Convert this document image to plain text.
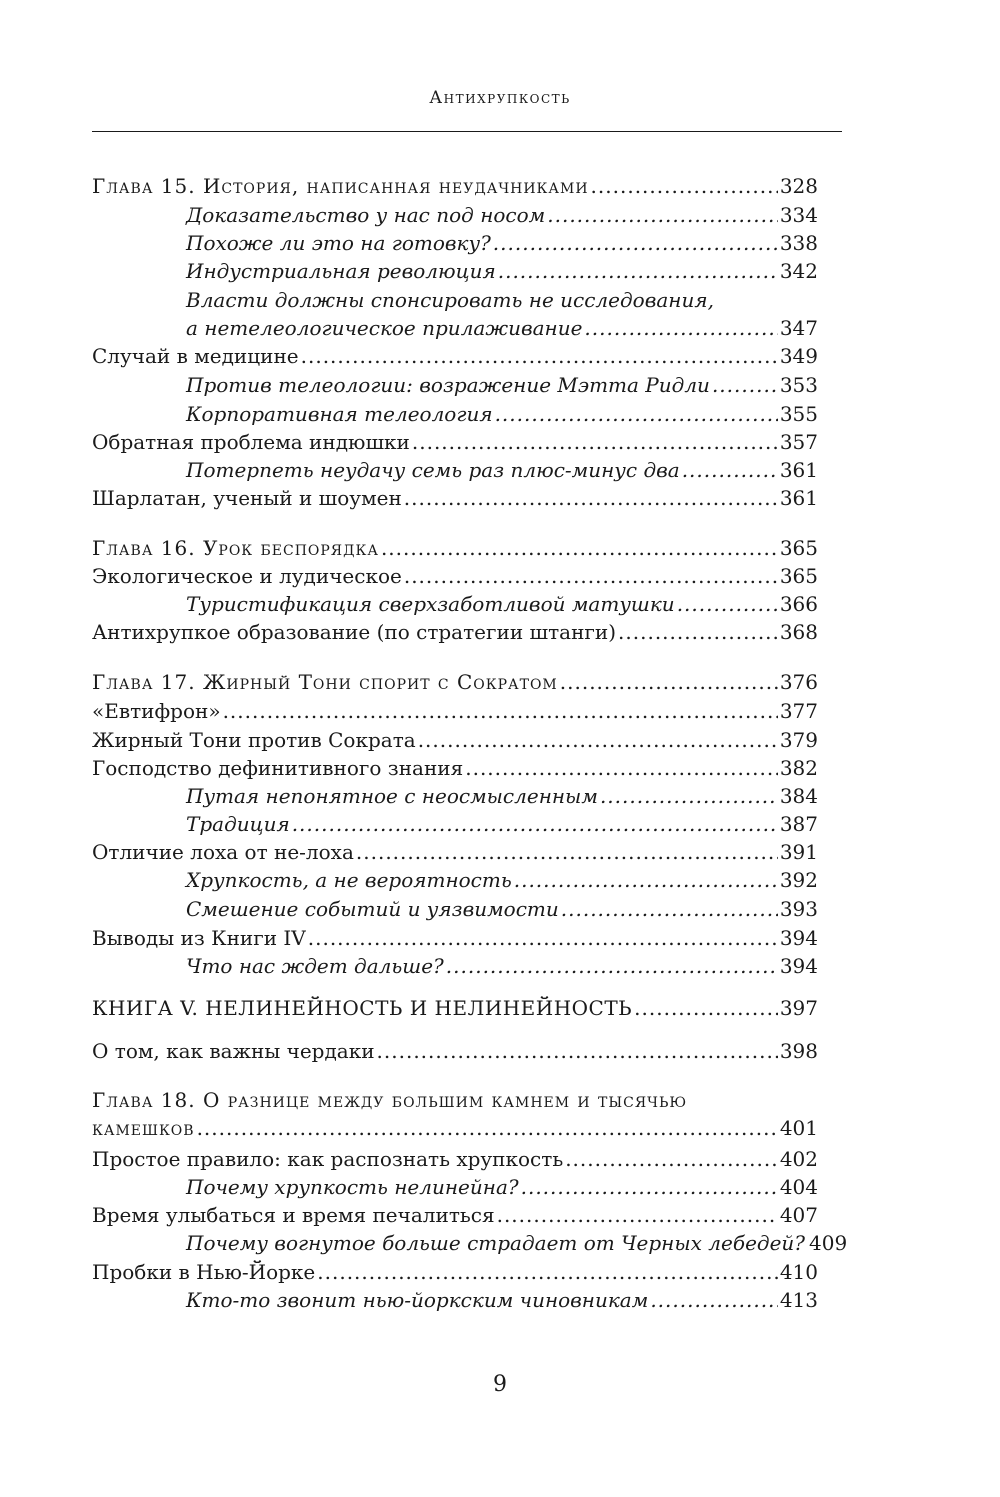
Антихрупкость
Глава 15. История, написанная неудачниками .....	328
Доказательство у нас под носом .....	334
Похоже ли это на готовку? .....	338
Индустриальная революция .....	342
Власти должны спонсировать не исследования,
а нетелеологическое прилаживание .....	347
Случай в медицине .....	349
Против телеологии: возражение Мэтта Ридли .....	353
Корпоративная телеология .....	355
Обратная проблема индюшки .....	357
Потерпеть неудачу семь раз плюс-минус два .....	361
Шарлатан, ученый и шоумен .....	361
Глава 16. Урок беспорядка .....	365
Экологическое и лудическое .....	365
Туристификация сверхзаботливой матушки .....	366
Антихрупкое образование (по стратегии штанги) .....	368
Глава 17. Жирный Тони спорит с Сократом .....	376
«Евтифрон» .....	377
Жирный Тони против Сократа .....	379
Господство дефинитивного знания .....	382
Путая непонятное с неосмысленным .....	384
Традиция .....	387
Отличие лоха от не-лоха .....	391
Хрупкость, а не вероятность .....	392
Смешение событий и уязвимости .....	393
Выводы из Книги IV .....	394
Что нас ждет дальше? .....	394
КНИГА V. НЕЛИНЕЙНОСТЬ И НЕЛИНЕЙНОСТЬ .....	397
О том, как важны чердаки .....	398
Глава 18. О разнице между большим камнем и тысячью
камешков .....	401
Простое правило: как распознать хрупкость .....	402
Почему хрупкость нелинейна? .....	404
Время улыбаться и время печалиться .....	407
Почему вогнутое больше страдает от Черных лебедей? 409
Пробки в Нью-Йорке .....	410
Кто-то звонит нью-йоркским чиновникам .....	413
9
